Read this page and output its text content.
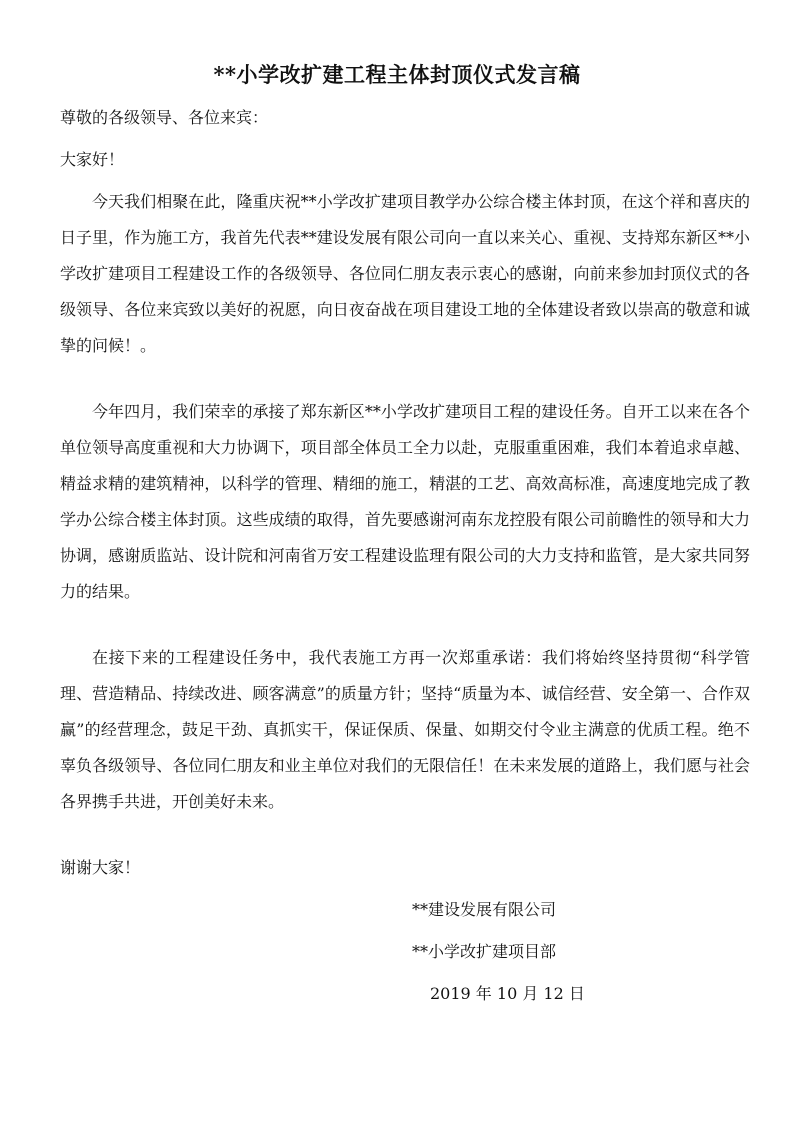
**小学改扩建工程主体封顶仪式发言稿
尊敬的各级领导、各位来宾：
大家好！

今天我们相聚在此，隆重庆祝**小学改扩建项目教学办公综合楼主体封顶，在这个祥和喜庆的日子里，作为施工方，我首先代表**建设发展有限公司向一直以来关心、重视、支持郑东新区**小学改扩建项目工程建设工作的各级领导、各位同仁朋友表示衷心的感谢，向前来参加封顶仪式的各级领导、各位来宾致以美好的祝愿，向日夜奋战在项目建设工地的全体建设者致以崇高的敬意和诚挚的问候！。

今年四月，我们荣幸的承接了郑东新区**小学改扩建项目工程的建设任务。自开工以来在各个单位领导高度重视和大力协调下，项目部全体员工全力以赴，克服重重困难，我们本着追求卓越、精益求精的建筑精神，以科学的管理、精细的施工，精湛的工艺、高效高标准，高速度地完成了教学办公综合楼主体封顶。这些成绩的取得，首先要感谢河南东龙控股有限公司前瞻性的领导和大力协调，感谢质监站、设计院和河南省万安工程建设监理有限公司的大力支持和监管，是大家共同努力的结果。

在接下来的工程建设任务中，我代表施工方再一次郑重承诺：我们将始终坚持贯彻“科学管理、营造精品、持续改进、顾客满意”的质量方针；坚持“质量为本、诚信经营、安全第一、合作双赢”的经营理念，鼓足干劲、真抓实干，保证保质、保量、如期交付令业主满意的优质工程。绝不辜负各级领导、各位同仁朋友和业主单位对我们的无限信任！在未来发展的道路上，我们愿与社会各界携手共进，开创美好未来。

谢谢大家！
**建设发展有限公司
**小学改扩建项目部
2019 年 10 月 12 日
